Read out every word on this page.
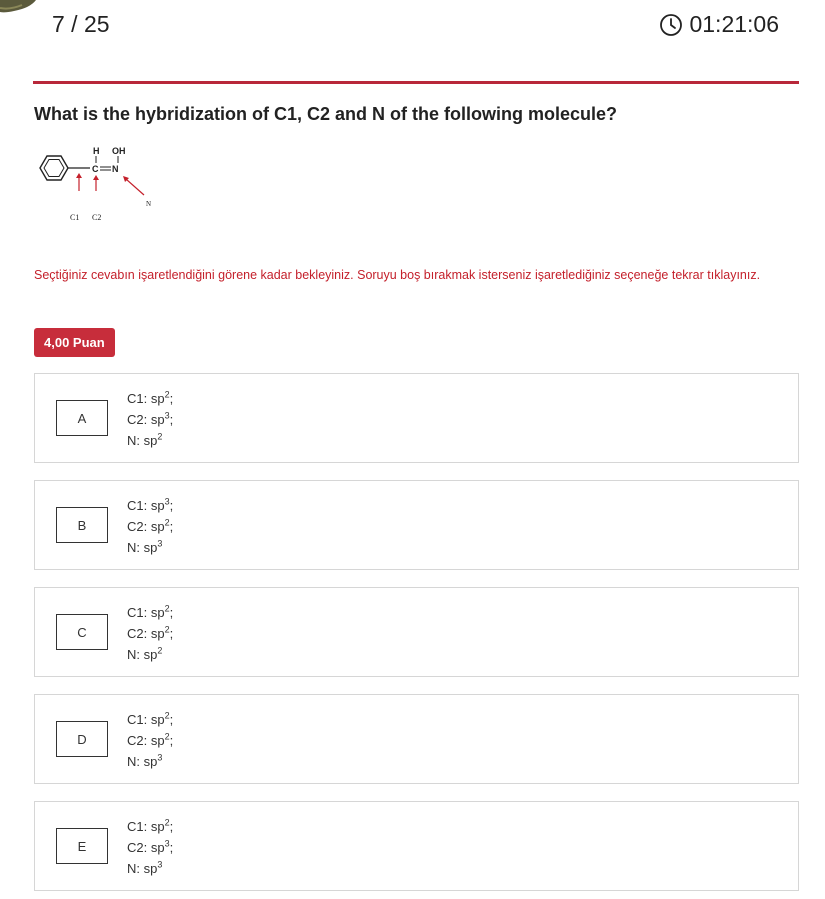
7 / 25	01:21:06
What is the hybridization of C1, C2 and N of the following molecule?
H OH
C N
C1 C2
N
Seçtiğiniz cevabın işaretlendiğini görene kadar bekleyiniz. Soruyu boş bırakmak isterseniz işaretlediğiniz seçeneğe tekrar tıklayınız.
4,00 Puan
A
C1: $sp^2$;
C2: $sp^3$;
N: $sp^2$
B
C1: $sp^3$;
C2: $sp^2$;
N: $sp^3$
C
C1: $sp^2$;
C2: $sp^2$;
N: $sp^2$
D
C1: $sp^2$;
C2: $sp^2$;
N: $sp^3$
E
C1: $sp^2$;
C2: $sp^3$;
N: $sp^3$
